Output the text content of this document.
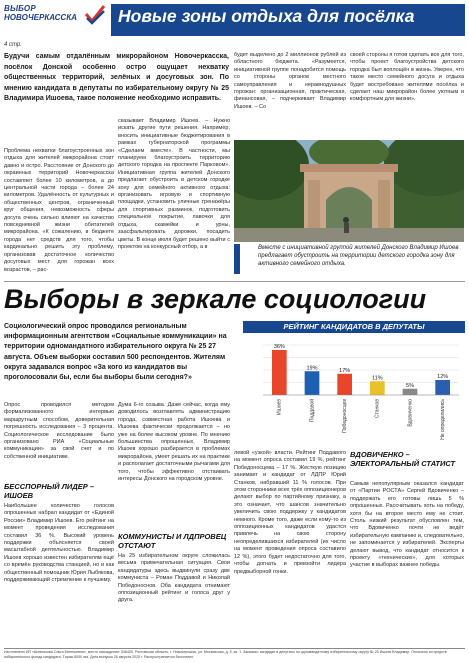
ВЫБОР
НОВОЧЕРКАССКА
4 стр.
Новые зоны отдыха для посёлка
Будучи самым отдалённым микрорайоном Новочеркасска, посёлок Донской особенно остро ощущает нехватку общественных территорий, зелёных и досуговых зон. По мнению кандидата в депутаты по избирательному округу № 25 Владимира Ишоева, такое положение необходимо исправить.
Проблема нехватки благоустроенных зон отдыха для жителей микрорайона стоит давно и остро. Расстояние от Донского до окраинных территорий Новочеркасска составляет более 10 километров, а до центральной части города – более 24 километров. Удалённость от культурных и общественных центров, ограниченный круг общения, невозможность сферы досуга очень сильно влияют на качество повседневной жизни обитателей микрорайона. «К сожалению, в бюджете города нет средств для того, чтобы кардинально решить эту проблему, организовав достаточное количество досуговых мест для горожан всех возрастов, – рас-
сказывает Владимир Ишоев. – Нужно искать другие пути решения. Например, вносить инициативные бюджетирования в рамках губернаторской программы «Сделаем вместе». В частности, мы планируем благоустроить территорию детского городка на проспекте Парковом». Инициативная группа жителей Донского предлагает обустроить в детском городке зону для семейного активного отдыха: организовать игровую и спортивную площадки, установить уличные тренажёры для спортивных разминок, подготовить специальное покрытие, лавочки для отдыха, скамейки и урны, заасфальтировать дорожки, посадить цветы. В конце июля будет решено выйти с проектом на конкурсный отбор, а в
будет выделено до 2 миллионов рублей из областного бюджета. «Разумеется, инициативной группе понадобится помощь со стороны органов местного самоуправления и неравнодушных горожан: организационная, практическая, финансовая, – подчеркивает Владимир Ишоев. – Со
своей стороны я готов сделать все для того, чтобы проект благоустройства детского городка был воплощён в жизнь. Уверен, что такое место семейного досуга и отдыха будет востребовано жителями посёлка и сделает наш микрорайон более уютным и комфортным для жизни».
Вместе с инициативной группой жителей Донского Владимир Ишоев предлагает обустроить на территории детского городка зону для активного семейного отдыха.
Выборы в зеркале социологии
Социологический опрос проводился региональным информационным агентством «Социальные коммуникации» на территории одномандатного избирательного округа № 25 27 августа. Объем выборки составил 500 респондентов. Жителям округа задавался вопрос «За кого из кандидатов вы проголосовали бы, если бы выборы были сегодня?»
РЕЙТИНГ КАНДИДАТОВ В ДЕПУТАТЫ
36%
Ишоев
19%
Поддавой
17%
Победоносцев
11%
Станков
5%
Вдовиченко
12%
Не определились
Опрос проводился методом формализованного интервью маршрутным способом, доверительная погрешность исследования – 3 процента. Социологическое исследование было организовано РИА «Социальные коммуникации» за свой счет и по собственной инициативе.
БЕССПОРНЫЙ ЛИДЕР – ИШОЕВ
Наибольшее количество голосов опрошенных набрал кандидат от «Единой России» Владимир Ишоев. Его рейтинг на момент проведения исследования составил 36 %. Высокий уровень поддержки объясняется своей масштабной деятельностью. Владимир Ишоев хорошо известен избирателям ещё со времён руководства станцией, но и как общественный помощник Юрия Лыбякова, поддерживающий стремление к лучшему.
Дума 6-го созыва. Даже сейчас, когда ему доводилось возглавлять администрацию города, совместная работа Ишоева и Ишоева фактически продолжается – но уже на более высоком уровне. По мнению большинства опрошенных, Владимир Ишоев хорошо разбирается в проблемах микрорайона, умеет решать их на практике и располагает достаточными рычагами для того, чтобы эффективно отстаивать интересы Донского на городском уровне.
КОММУНИСТЫ И ЛДПРОВЕЦ ОТСТАЮТ
На 25 избирательном округе сложилась весьма примечательная ситуация. Свои кандидатуры здесь выдвинули сразу две коммуниста – Роман Поддавой и Николай Победоноснов. Оба кандидата отнимают оппозиционный рейтинг и голоса друг у друга.
левой «узкой» власти. Рейтинг Поддавого на момент опроса составил 19 %, рейтинг Победоносцева – 17 %. Жесткую позицию занимает и кандидат от ЛДПР Юрий Станков, набравший 11 % голосов. При этом сторонники всех трёх оппозиционеров делают выбор по партийному признаку, а это означает, что шансов значительно увеличить свою поддержку у кандидатов немного. Кроме того, даже если кому-то из оппозиционных кандидатов удастся привлечь на свою сторону неопределившихся избирателей (их число на момент проведения опроса составило 12 %), этого будет недостаточно для того, чтобы догнать и превзойти лидера предвыборной гонки.
ВДОВИЧЕНКО – ЭЛЕКТОРАЛЬНЫЙ СТАТИСТ
Самым непопулярным оказался кандидат от «Партии РОСТА» Сергей Вдовиченко – поддержать его готовы лишь 5 % опрошенных. Рассчитывать хоть на победу, хотя бы на второе место ему не стоит. Столь низкий результат обусловлен тем, что Вдовиченко почти не ведёт избирательную кампанию и, следовательно, не запоминается у избирателей. Эксперты делают вывод, что кандидат относится к проекту «технических», для которых участие в выборах важнее победы.
Изготовлено ИП «Шевлякова Ольга Евгеньевна», место нахождения: 346400, Ростовская область, г. Новочеркасск, ул. Московская, д. 5, кв. 1. Заказчик: кандидат в депутаты по одномандатному избирательному округу № 25 Ишоев Владимир. Оплачено из средств избирательного фонда кандидата. Тираж 8000 экз. Дата выпуска 26 августа 2020 г. Распространяется бесплатно.
